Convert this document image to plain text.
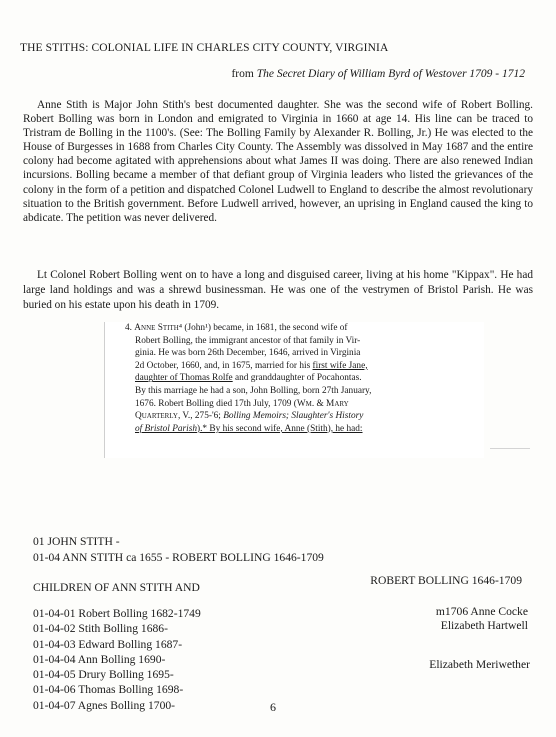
THE STITHS: COLONIAL LIFE IN CHARLES CITY COUNTY, VIRGINIA
from The Secret Diary of William Byrd of Westover 1709 - 1712

Anne Stith is Major John Stith's best documented daughter. She was the second wife of Robert Bolling. Robert Bolling was born in London and emigrated to Virginia in 1660 at age 14. His line can be traced to Tristram de Bolling in the 1100's. (See: The Bolling Family by Alexander R. Bolling, Jr.) He was elected to the House of Burgesses in 1688 from Charles City County. The Assembly was dissolved in May 1687 and the entire colony had become agitated with apprehensions about what James II was doing. There are also renewed Indian incursions. Bolling became a member of that defiant group of Virginia leaders who listed the grievances of the colony in the form of a petition and dispatched Colonel Ludwell to England to describe the almost revolutionary situation to the British government. Before Ludwell arrived, however, an uprising in England caused the king to abdicate. The petition was never delivered.

Lt Colonel Robert Bolling went on to have a long and disguised career, living at his home "Kippax". He had large land holdings and was a shrewd businessman. He was one of the vestrymen of Bristol Parish. He was buried on his estate upon his death in 1709.

4. Anne Stith⁴ (John¹) became, in 1681, the second wife of
Robert Bolling, the immigrant ancestor of that family in Vir-
ginia. He was born 26th December, 1646, arrived in Virginia
2d October, 1660, and, in 1675, married for his first wife Jane,
daughter of Thomas Rolfe and granddaughter of Pocahontas.
By this marriage he had a son, John Bolling, born 27th January,
1676. Robert Bolling died 17th July, 1709 (Wm. & Mary
Quarterly, V., 275-'6; Bolling Memoirs; Slaughter's History
of Bristol Parish).* By his second wife, Anne (Stith), he had:
01 JOHN STITH -
01-04 ANN STITH ca 1655 - ROBERT BOLLING 1646-1709
CHILDREN OF ANN STITH AND
ROBERT BOLLING 1646-1709
01-04-01 Robert Bolling 1682-1749
01-04-02 Stith Bolling 1686-
01-04-03 Edward Bolling 1687-
01-04-04 Ann Bolling 1690-
01-04-05 Drury Bolling 1695-
01-04-06 Thomas Bolling 1698-
01-04-07 Agnes Bolling 1700-
m1706 Anne Cocke
Elizabeth Hartwell
Elizabeth Meriwether
6
